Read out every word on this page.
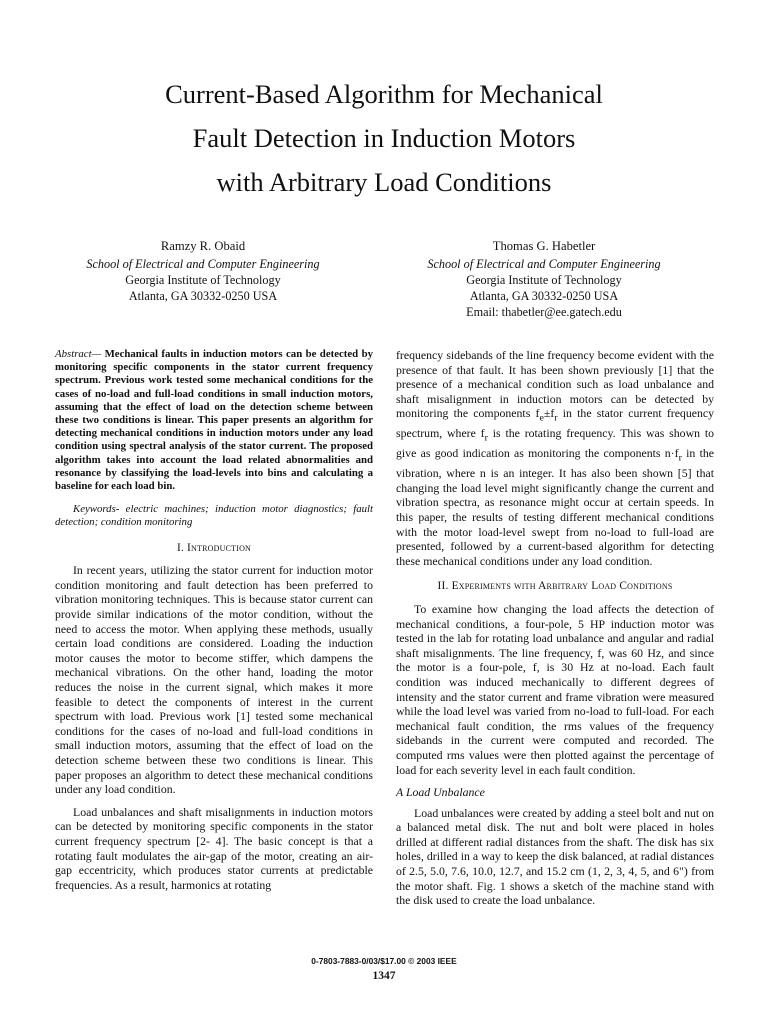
Current-Based Algorithm for Mechanical
Fault Detection in Induction Motors
with Arbitrary Load Conditions
Ramzy R. Obaid
School of Electrical and Computer Engineering
Georgia Institute of Technology
Atlanta, GA 30332-0250 USA
Thomas G. Habetler
School of Electrical and Computer Engineering
Georgia Institute of Technology
Atlanta, GA 30332-0250 USA
Email: thabetler@ee.gatech.edu

Abstract— Mechanical faults in induction motors can be detected by monitoring specific components in the stator current frequency spectrum. Previous work tested some mechanical conditions for the cases of no-load and full-load conditions in small induction motors, assuming that the effect of load on the detection scheme between these two conditions is linear. This paper presents an algorithm for detecting mechanical conditions in induction motors under any load condition using spectral analysis of the stator current. The proposed algorithm takes into account the load related abnormalities and resonance by classifying the load-levels into bins and calculating a baseline for each load bin.

Keywords- electric machines; induction motor diagnostics; fault detection; condition monitoring

I. Introduction

In recent years, utilizing the stator current for induction motor condition monitoring and fault detection has been preferred to vibration monitoring techniques. This is because stator current can provide similar indications of the motor condition, without the need to access the motor. When applying these methods, usually certain load conditions are considered. Loading the induction motor causes the motor to become stiffer, which dampens the mechanical vibrations. On the other hand, loading the motor reduces the noise in the current signal, which makes it more feasible to detect the components of interest in the current spectrum with load. Previous work [1] tested some mechanical conditions for the cases of no-load and full-load conditions in small induction motors, assuming that the effect of load on the detection scheme between these two conditions is linear. This paper proposes an algorithm to detect these mechanical conditions under any load condition.

Load unbalances and shaft misalignments in induction motors can be detected by monitoring specific components in the stator current frequency spectrum [2- 4]. The basic concept is that a rotating fault modulates the air-gap of the motor, creating an air-gap eccentricity, which produces stator currents at predictable frequencies. As a result, harmonics at rotating

frequency sidebands of the line frequency become evident with the presence of that fault. It has been shown previously [1] that the presence of a mechanical condition such as load unbalance and shaft misalignment in induction motors can be detected by monitoring the components $f_e\pm f_r$ in the stator current frequency spectrum, where $f_r$ is the rotating frequency. This was shown to give as good indication as monitoring the components $n\cdot f_r$ in the vibration, where n is an integer. It has also been shown [5] that changing the load level might significantly change the current and vibration spectra, as resonance might occur at certain speeds. In this paper, the results of testing different mechanical conditions with the motor load-level swept from no-load to full-load are presented, followed by a current-based algorithm for detecting these mechanical conditions under any load condition.

II. Experiments with Arbitrary Load Conditions

To examine how changing the load affects the detection of mechanical conditions, a four-pole, 5 HP induction motor was tested in the lab for rotating load unbalance and angular and radial shaft misalignments. The line frequency, f, was 60 Hz, and since the motor is a four-pole, f, is 30 Hz at no-load. Each fault condition was induced mechanically to different degrees of intensity and the stator current and frame vibration were measured while the load level was varied from no-load to full-load. For each mechanical fault condition, the rms values of the frequency sidebands in the current were computed and recorded. The computed rms values were then plotted against the percentage of load for each severity level in each fault condition.

A Load Unbalance

Load unbalances were created by adding a steel bolt and nut on a balanced metal disk. The nut and bolt were placed in holes drilled at different radial distances from the shaft. The disk has six holes, drilled in a way to keep the disk balanced, at radial distances of 2.5, 5.0, 7.6, 10.0, 12.7, and 15.2 cm (1, 2, 3, 4, 5, and 6") from the motor shaft. Fig. 1 shows a sketch of the machine stand with the disk used to create the load unbalance.

0-7803-7883-0/03/$17.00 © 2003 IEEE
1347
